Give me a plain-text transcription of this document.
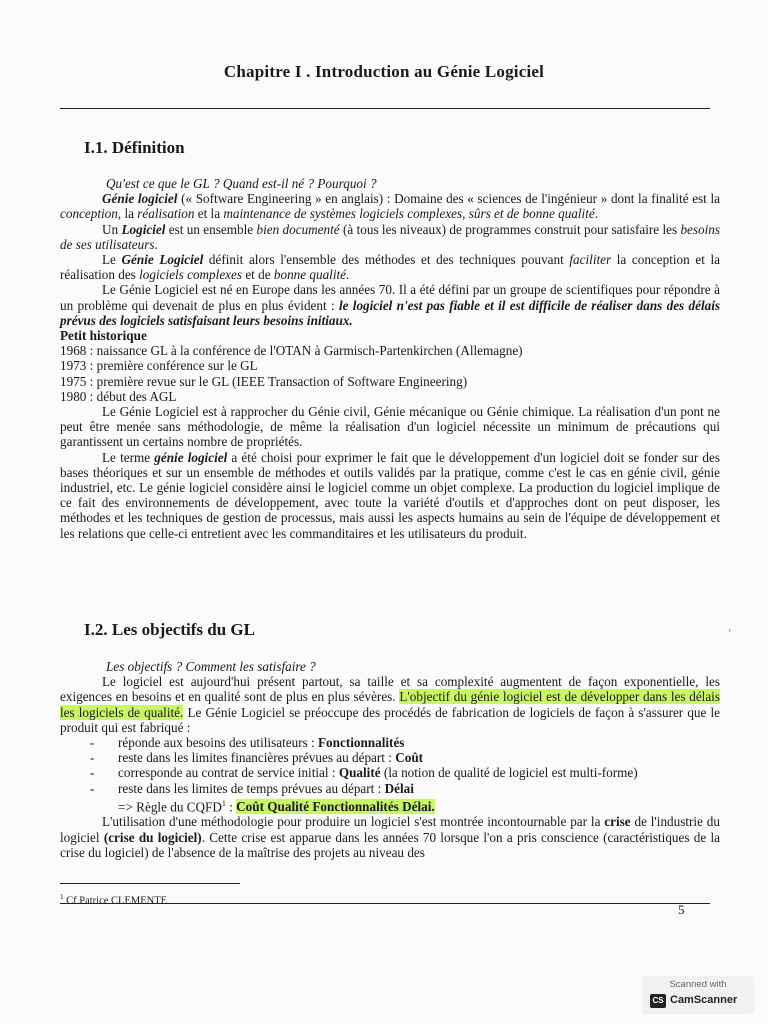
Chapitre I . Introduction au Génie Logiciel
I.1. Définition

Qu'est ce que le GL ? Quand est-il né ? Pourquoi ?

Génie logiciel (« Software Engineering » en anglais) : Domaine des « sciences de l'ingénieur » dont la finalité est la conception, la réalisation et la maintenance de systèmes logiciels complexes, sûrs et de bonne qualité.

Un Logiciel est un ensemble bien documenté (à tous les niveaux) de programmes construit pour satisfaire les besoins de ses utilisateurs.

Le Génie Logiciel définit alors l'ensemble des méthodes et des techniques pouvant faciliter la conception et la réalisation des logiciels complexes et de bonne qualité.

Le Génie Logiciel est né en Europe dans les années 70. Il a été défini par un groupe de scientifiques pour répondre à un problème qui devenait de plus en plus évident : le logiciel n'est pas fiable et il est difficile de réaliser dans des délais prévus des logiciels satisfaisant leurs besoins initiaux.

Petit historique

1968 : naissance GL à la conférence de l'OTAN à Garmisch-Partenkirchen (Allemagne)

1973 : première conférence sur le GL

1975 : première revue sur le GL (IEEE Transaction of Software Engineering)

1980 : début des AGL

Le Génie Logiciel est à rapprocher du Génie civil, Génie mécanique ou Génie chimique. La réalisation d'un pont ne peut être menée sans méthodologie, de même la réalisation d'un logiciel nécessite un minimum de précautions qui garantissent un certains nombre de propriétés.

Le terme génie logiciel a été choisi pour exprimer le fait que le développement d'un logiciel doit se fonder sur des bases théoriques et sur un ensemble de méthodes et outils validés par la pratique, comme c'est le cas en génie civil, génie industriel, etc. Le génie logiciel considère ainsi le logiciel comme un objet complexe. La production du logiciel implique de ce fait des environnements de développement, avec toute la variété d'outils et d'approches dont on peut disposer, les méthodes et les techniques de gestion de processus, mais aussi les aspects humains au sein de l'équipe de développement et les relations que celle-ci entretient avec les commanditaires et les utilisateurs du produit.

I.2. Les objectifs du GL

Les objectifs ? Comment les satisfaire ?

Le logiciel est aujourd'hui présent partout, sa taille et sa complexité augmentent de façon exponentielle, les exigences en besoins et en qualité sont de plus en plus sévères. L'objectif du génie logiciel est de développer dans les délais les logiciels de qualité. Le Génie Logiciel se préoccupe des procédés de fabrication de logiciels de façon à s'assurer que le produit qui est fabriqué :

- réponde aux besoins des utilisateurs : Fonctionnalités
- reste dans les limites financières prévues au départ : Coût
- corresponde au contrat de service initial : Qualité (la notion de qualité de logiciel est multi-forme)
- reste dans les limites de temps prévues au départ : Délai

=> Règle du CQFD$^1$ : Coût Qualité Fonctionnalités Délai.

L'utilisation d'une méthodologie pour produire un logiciel s'est montrée incontournable par la crise de l'industrie du logiciel (crise du logiciel). Cette crise est apparue dans les années 70 lorsque l'on a pris conscience (caractéristiques de la crise du logiciel) de l'absence de la maîtrise des projets au niveau des

$^1$ Cf Patrice CLEMENTE
5
›
Scanned with
CS CamScanner
